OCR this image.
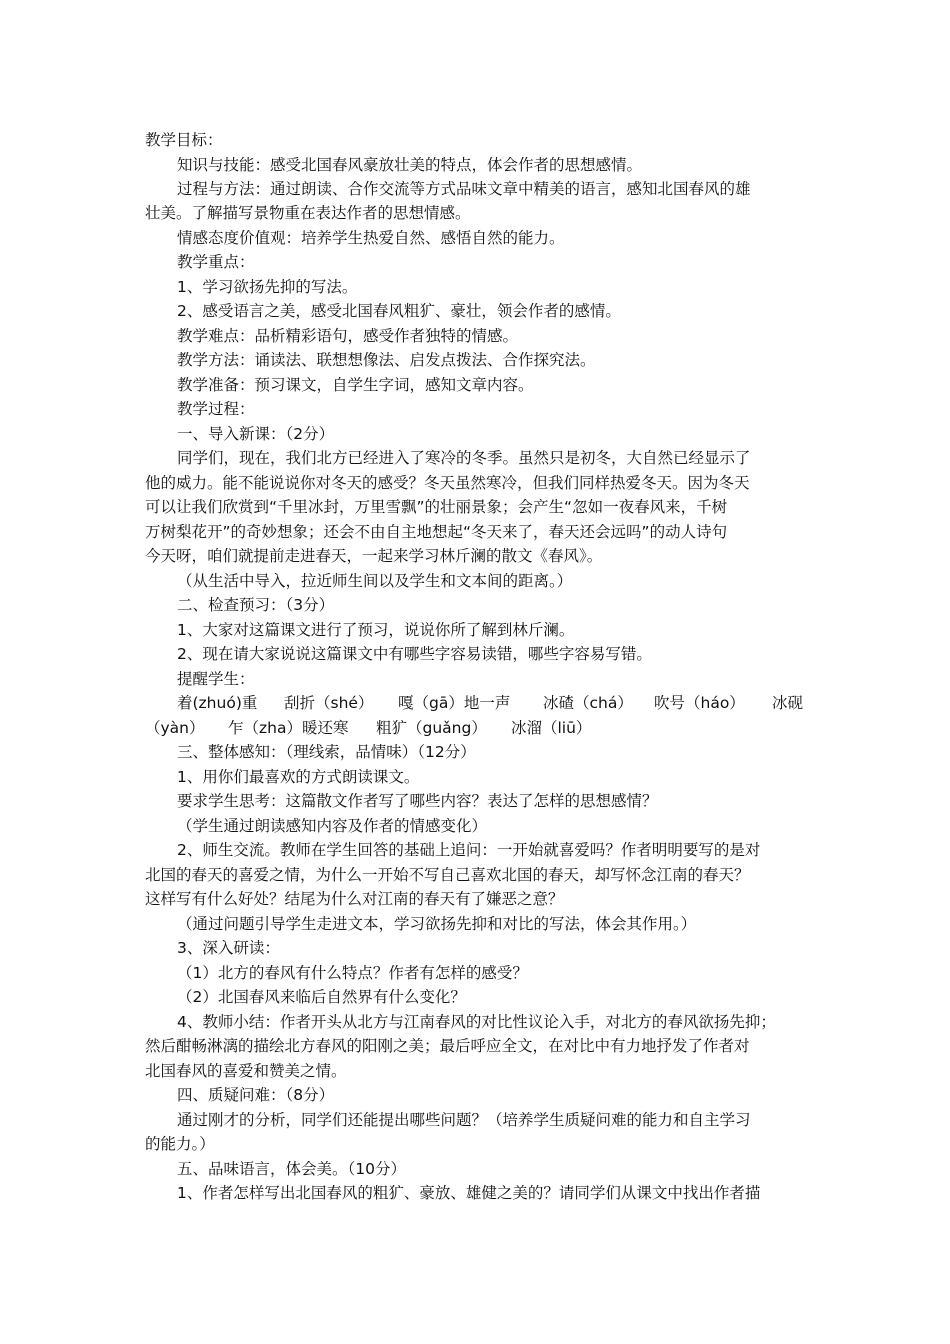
教学目标：
知识与技能：感受北国春风豪放壮美的特点，体会作者的思想感情。
过程与方法：通过朗读、合作交流等方式品味文章中精美的语言，感知北国春风的雄
壮美。了解描写景物重在表达作者的思想情感。
情感态度价值观：培养学生热爱自然、感悟自然的能力。
教学重点：
1、学习欲扬先抑的写法。
2、感受语言之美，感受北国春风粗犷、豪壮，领会作者的感情。
教学难点：品析精彩语句，感受作者独特的情感。
教学方法：诵读法、联想想像法、启发点拨法、合作探究法。
教学准备：预习课文，自学生字词，感知文章内容。
教学过程：
一、导入新课：（2分）
同学们，现在，我们北方已经进入了寒冷的冬季。虽然只是初冬，大自然已经显示了
他的威力。能不能说说你对冬天的感受？冬天虽然寒冷，但我们同样热爱冬天。因为冬天
可以让我们欣赏到“千里冰封，万里雪飘”的壮丽景象；会产生“忽如一夜春风来，千树
万树梨花开”的奇妙想象；还会不由自主地想起“冬天来了，春天还会远吗”的动人诗句
今天呀，咱们就提前走进春天，一起来学习林斤澜的散文《春风》。
（从生活中导入，拉近师生间以及学生和文本间的距离。）
二、检查预习：（3分）
1、大家对这篇课文进行了预习，说说你所了解到林斤澜。
2、现在请大家说说这篇课文中有哪些字容易读错，哪些字容易写错。
提醒学生：
着(zhuó)重 刮折（shé） 嘎（gā）地一声 冰碴（chá） 吹号（háo） 冰砚
（yàn） 乍（zha）暖还寒 粗犷（guǎng） 冰溜（liū）
三、整体感知：（理线索，品情味）（12分）
1、用你们最喜欢的方式朗读课文。
要求学生思考：这篇散文作者写了哪些内容？表达了怎样的思想感情？
（学生通过朗读感知内容及作者的情感变化）
2、师生交流。教师在学生回答的基础上追问：一开始就喜爱吗？作者明明要写的是对
北国的春天的喜爱之情，为什么一开始不写自己喜欢北国的春天，却写怀念江南的春天？
这样写有什么好处？结尾为什么对江南的春天有了嫌恶之意？
（通过问题引导学生走进文本，学习欲扬先抑和对比的写法，体会其作用。）
3、深入研读：
（1）北方的春风有什么特点？作者有怎样的感受？
（2）北国春风来临后自然界有什么变化？
4、教师小结：作者开头从北方与江南春风的对比性议论入手，对北方的春风欲扬先抑；
然后酣畅淋漓的描绘北方春风的阳刚之美；最后呼应全文，在对比中有力地抒发了作者对
北国春风的喜爱和赞美之情。
四、质疑问难：（8分）
通过刚才的分析，同学们还能提出哪些问题？（培养学生质疑问难的能力和自主学习
的能力。）
五、品味语言，体会美。（10分）
1、作者怎样写出北国春风的粗犷、豪放、雄健之美的？请同学们从课文中找出作者描
